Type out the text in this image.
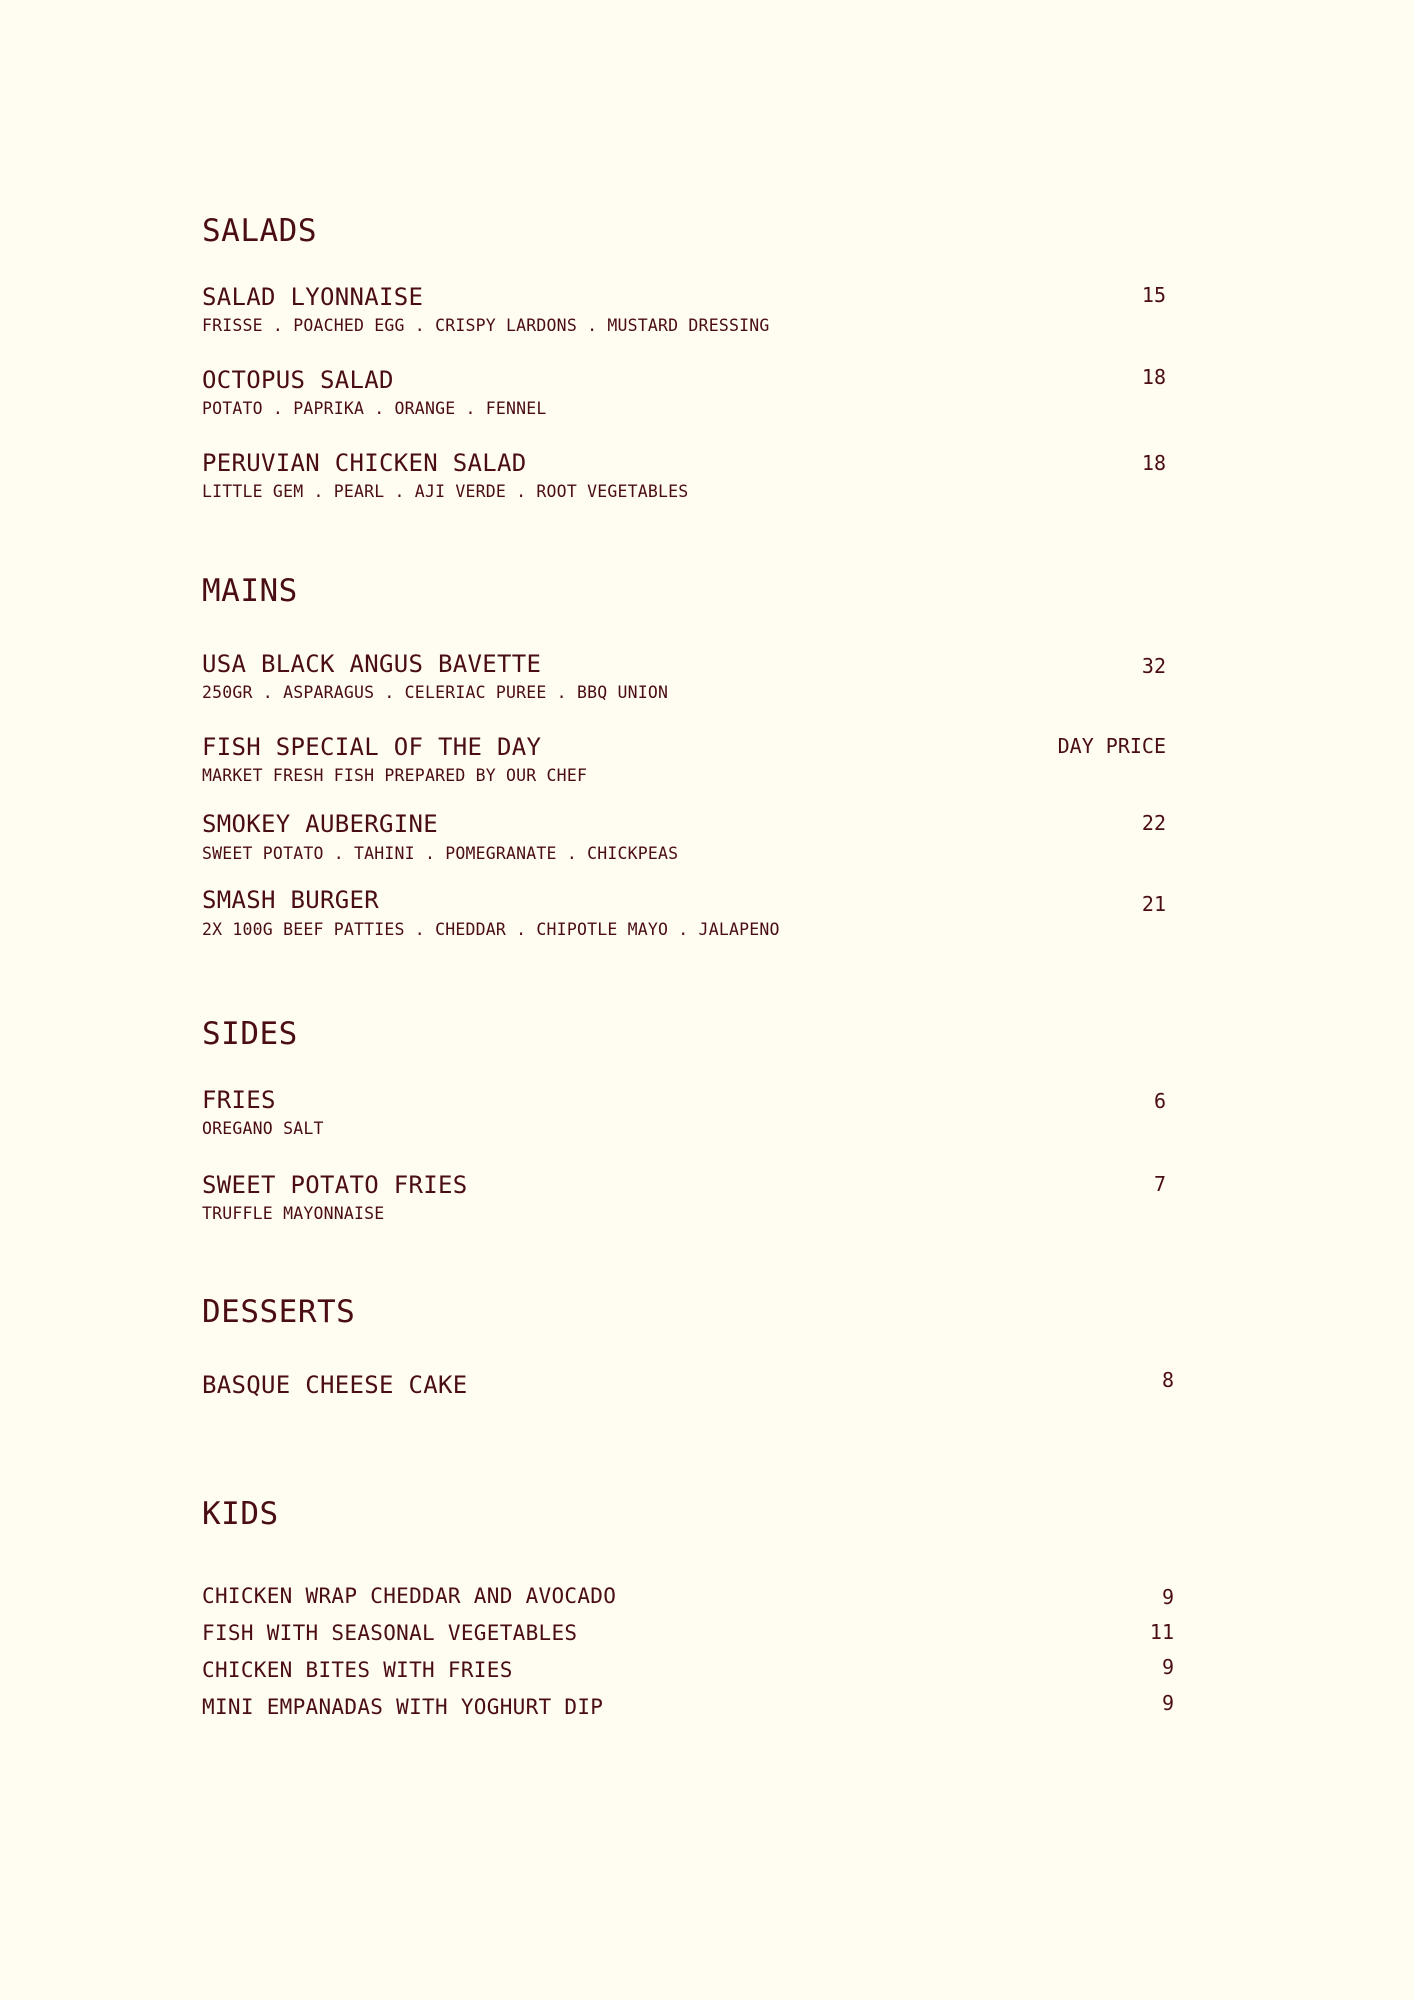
SALADS
SALAD LYONNAISE
FRISSE . POACHED EGG . CRISPY LARDONS . MUSTARD DRESSING
15
OCTOPUS SALAD
POTATO . PAPRIKA . ORANGE . FENNEL
18
PERUVIAN CHICKEN SALAD
LITTLE GEM . PEARL . AJI VERDE . ROOT VEGETABLES
18
MAINS
USA BLACK ANGUS BAVETTE
250GR . ASPARAGUS . CELERIAC PUREE . BBQ UNION
32
FISH SPECIAL OF THE DAY
MARKET FRESH FISH PREPARED BY OUR CHEF
DAY PRICE
SMOKEY AUBERGINE
SWEET POTATO . TAHINI . POMEGRANATE . CHICKPEAS
22
SMASH BURGER
2X 100G BEEF PATTIES . CHEDDAR . CHIPOTLE MAYO . JALAPENO
21
SIDES
FRIES
OREGANO SALT
6
SWEET POTATO FRIES
TRUFFLE MAYONNAISE
7
DESSERTS
BASQUE CHEESE CAKE	8
KIDS
CHICKEN WRAP CHEDDAR AND AVOCADO	9
FISH WITH SEASONAL VEGETABLES	11
CHICKEN BITES WITH FRIES	9
MINI EMPANADAS WITH YOGHURT DIP	9
